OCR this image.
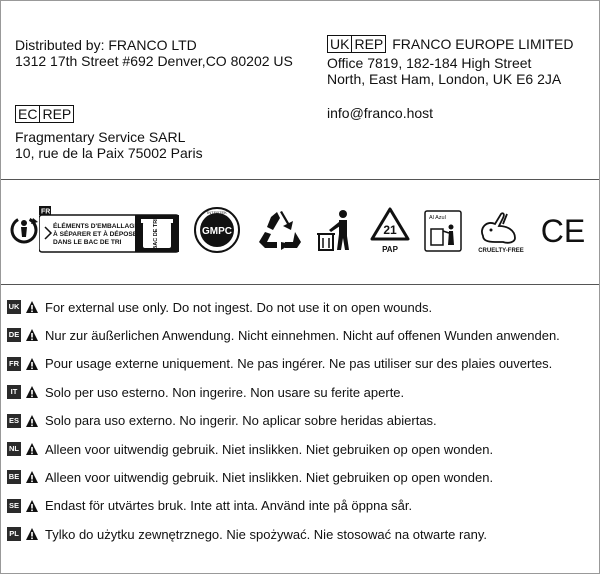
Distributed by: FRANCO LTD
1312 17th Street #692 Denver,CO 80202 US
UK REP FRANCO EUROPE LIMITED
Office 7819, 182-184 High Street
North, East Ham, London, UK E6 2JA
info@franco.host
EC REP
Fragmentary Service SARL
10, rue de la Paix 75002 Paris
FR
ÉLÉMENTS D'EMBALLAGE
À SÉPARER ET À DÉPOSER
DANS LE BAC DE TRI	BAC DE TRI
INTERTEK
GMPC	21
PAP
Al Azul
CRUELTY-FREE
CE
UK For external use only. Do not ingest. Do not use it on open wounds.
DE Nur zur äußerlichen Anwendung. Nicht einnehmen. Nicht auf offenen Wunden anwenden.
FR Pour usage externe uniquement. Ne pas ingérer. Ne pas utiliser sur des plaies ouvertes.
IT Solo per uso esterno. Non ingerire. Non usare su ferite aperte.
ES Solo para uso externo. No ingerir. No aplicar sobre heridas abiertas.
NL Alleen voor uitwendig gebruik. Niet inslikken. Niet gebruiken op open wonden.
BE Alleen voor uitwendig gebruik. Niet inslikken. Niet gebruiken op open wonden.
SE Endast för utvärtes bruk. Inte att inta. Använd inte på öppna sår.
PL Tylko do użytku zewnętrznego. Nie spożywać. Nie stosować na otwarte rany.
